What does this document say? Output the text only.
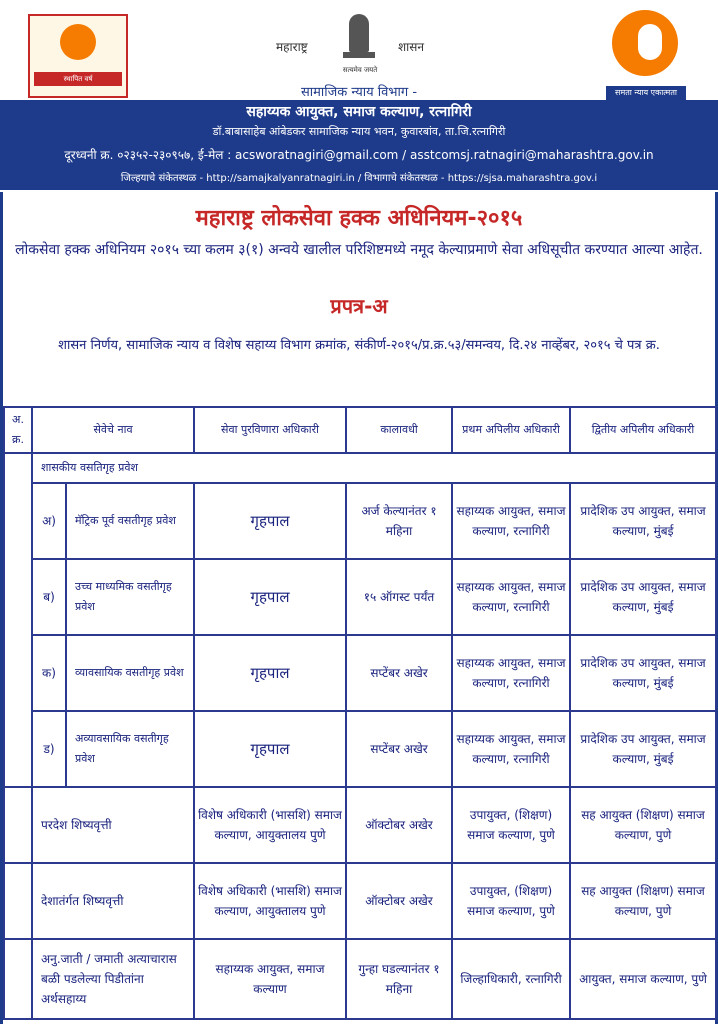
स्थापित वर्ष
महाराष्ट्र
सत्यमेव जयते
शासन
समता न्याय एकात्मता
सामाजिक न्याय विभाग -
सहाय्यक आयुक्त, समाज कल्याण, रत्नागिरी
डॉ.बाबासाहेब आंबेडकर सामाजिक न्याय भवन, कुवारबांव, ता.जि.रत्नागिरी
दूरध्वनी क्र. ०२३५२-२३०९५७, ई-मेल : acsworatnagiri@gmail.com / asstcomsj.ratnagiri@maharashtra.gov.in
जिल्हयाचे संकेतस्थळ - http://samajkalyanratnagiri.in / विभागाचे संकेतस्थळ - https://sjsa.maharashtra.gov.i
महाराष्ट्र लोकसेवा हक्क अधिनियम-२०१५
लोकसेवा हक्क अधिनियम २०१५ च्या कलम ३(१) अन्वये खालील परिशिष्टमध्ये नमूद केल्याप्रमाणे सेवा अधिसूचीत करण्यात आल्या आहेत.
प्रपत्र-अ
शासन निर्णय, सामाजिक न्याय व विशेष सहाय्य विभाग क्रमांक, संकीर्ण-२०१५/प्र.क्र.५३/समन्वय, दि.२४ नाव्हेंबर, २०१५ चे पत्र क्र.
अ. क्र.	सेवेचे नाव		सेवा पुरविणारा अधिकारी	कालावधी	प्रथम अपिलीय अधिकारी	द्वितीय अपिलीय अधिकारी
	शासकीय वसतिगृह प्रवेश					
	अ)	मॅट्रिक पूर्व वसतीगृह प्रवेश	गृहपाल	अर्ज केल्यानंतर १ महिना	सहाय्यक आयुक्त, समाज कल्याण, रत्नागिरी	प्रादेशिक उप आयुक्त, समाज कल्याण, मुंबई
	ब)	उच्च माध्यमिक वसतीगृह प्रवेश	गृहपाल	१५ ऑगस्ट पर्यंत	सहाय्यक आयुक्त, समाज कल्याण, रत्नागिरी	प्रादेशिक उप आयुक्त, समाज कल्याण, मुंबई
	क)	व्यावसायिक वसतीगृह प्रवेश	गृहपाल	सप्टेंबर अखेर	सहाय्यक आयुक्त, समाज कल्याण, रत्नागिरी	प्रादेशिक उप आयुक्त, समाज कल्याण, मुंबई
	ड)	अव्यावसायिक वसतीगृह प्रवेश	गृहपाल	सप्टेंबर अखेर	सहाय्यक आयुक्त, समाज कल्याण, रत्नागिरी	प्रादेशिक उप आयुक्त, समाज कल्याण, मुंबई
	परदेश शिष्यवृत्ती		विशेष अधिकारी (भासशि) समाज कल्याण, आयुक्तालय पुणे	ऑक्टोबर अखेर	उपायुक्त, (शिक्षण) समाज कल्याण, पुणे	सह आयुक्त (शिक्षण) समाज कल्याण, पुणे
	देशातंर्गत शिष्यवृत्ती		विशेष अधिकारी (भासशि) समाज कल्याण, आयुक्तालय पुणे	ऑक्टोबर अखेर	उपायुक्त, (शिक्षण) समाज कल्याण, पुणे	सह आयुक्त (शिक्षण) समाज कल्याण, पुणे
	अनु.जाती / जमाती अत्याचारास बळी पडलेल्या पिडीतांना अर्थसहाय्य		सहाय्यक आयुक्त, समाज कल्याण	गुन्हा घडल्यानंतर १ महिना	जिल्हाधिकारी, रत्नागिरी	आयुक्त, समाज कल्याण, पुणे
